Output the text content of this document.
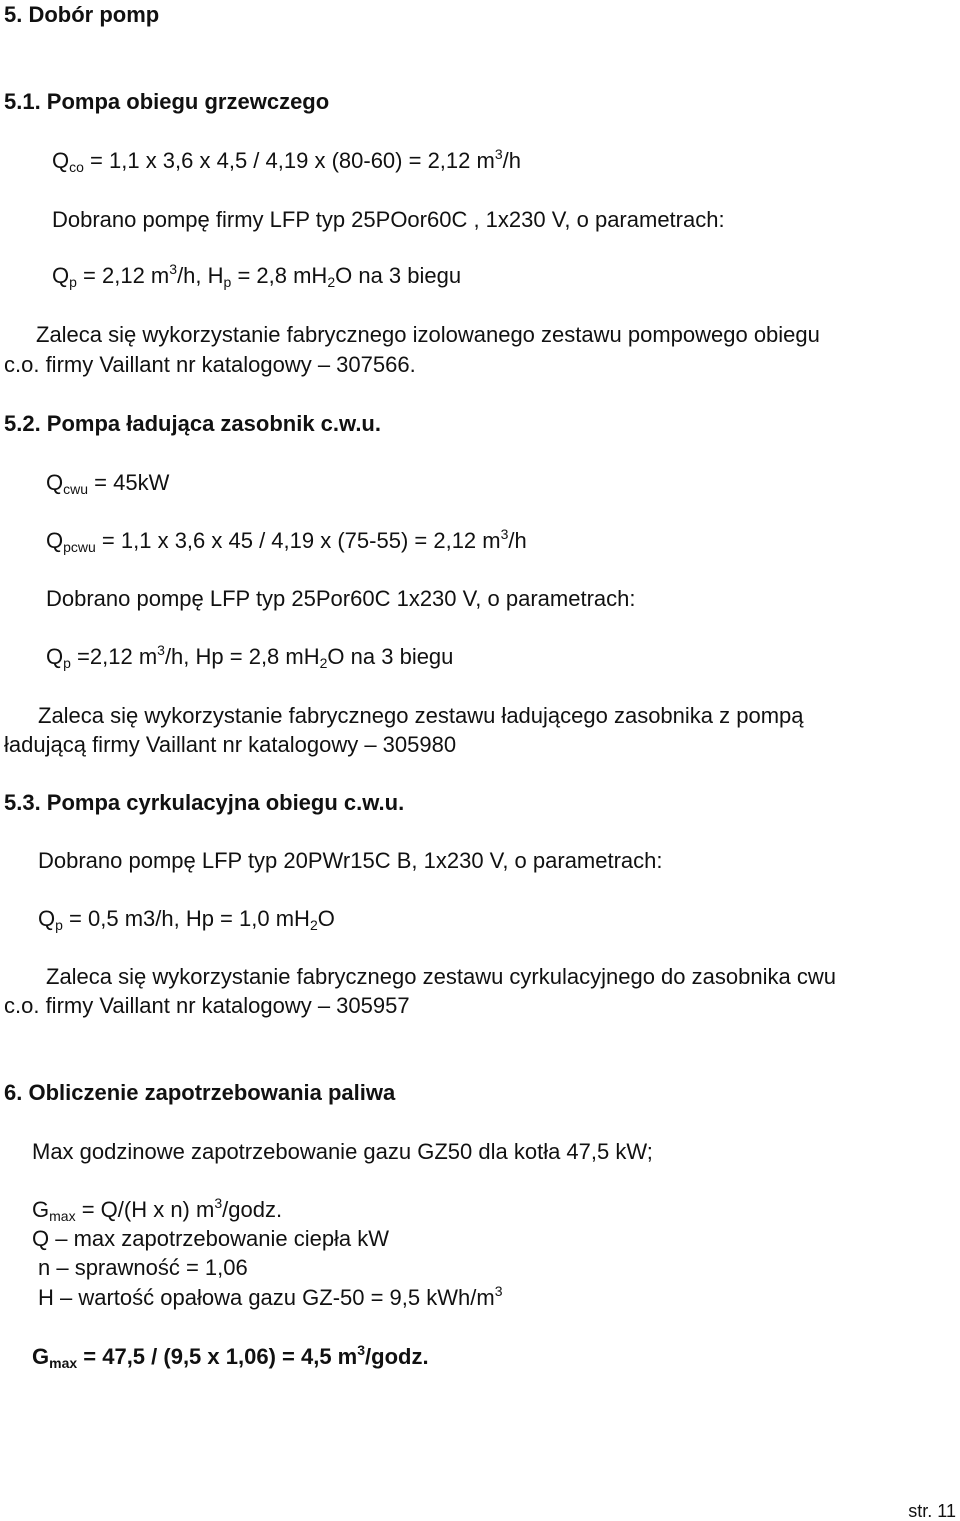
5. Dobór pomp
5.1. Pompa obiegu grzewczego
$Q_{co} = 1,1$ x 3,6 x 4,5 / 4,19 x (80-60) = 2,12 $m^3/h$
Dobrano pompę firmy LFP typ 25POor60C , 1x230 V, o parametrach:
$Q_p = 2,12$ $m^3/h$, $H_p = 2,8$ $mH_2O$ na 3 biegu
Zaleca się wykorzystanie fabrycznego izolowanego zestawu pompowego obiegu
c.o. firmy Vaillant nr katalogowy – 307566.
5.2. Pompa ładująca zasobnik c.w.u.
$Q_{cwu} = 45kW$
$Q_{pcwu} = 1,1$ x 3,6 x 45 / 4,19 x (75-55) = 2,12 $m^3/h$
Dobrano pompę LFP typ 25Por60C 1x230 V, o parametrach:
$Q_p =2,12$ $m^3/h$, Hp = 2,8 $mH_2O$ na 3 biegu
Zaleca się wykorzystanie fabrycznego zestawu ładującego zasobnika z pompą
ładującą firmy Vaillant nr katalogowy – 305980
5.3. Pompa cyrkulacyjna obiegu c.w.u.
Dobrano pompę LFP typ 20PWr15C B, 1x230 V, o parametrach:
$Q_p = 0,5$ m3/h, Hp = 1,0 $mH_2O$
Zaleca się wykorzystanie fabrycznego zestawu cyrkulacyjnego do zasobnika cwu
c.o. firmy Vaillant nr katalogowy – 305957
6. Obliczenie zapotrzebowania paliwa
Max godzinowe zapotrzebowanie gazu GZ50 dla kotła 47,5 kW;
$G_{max} = Q/(H$ x n) $m^3$/godz.
Q – max zapotrzebowanie ciepła kW
n – sprawność = 1,06
H – wartość opałowa gazu GZ-50 = 9,5 kWh/$m^3$
$G_{max} = 47,5 / (9,5$ x 1,06) = 4,5 $m^3$/godz.
str. 11
